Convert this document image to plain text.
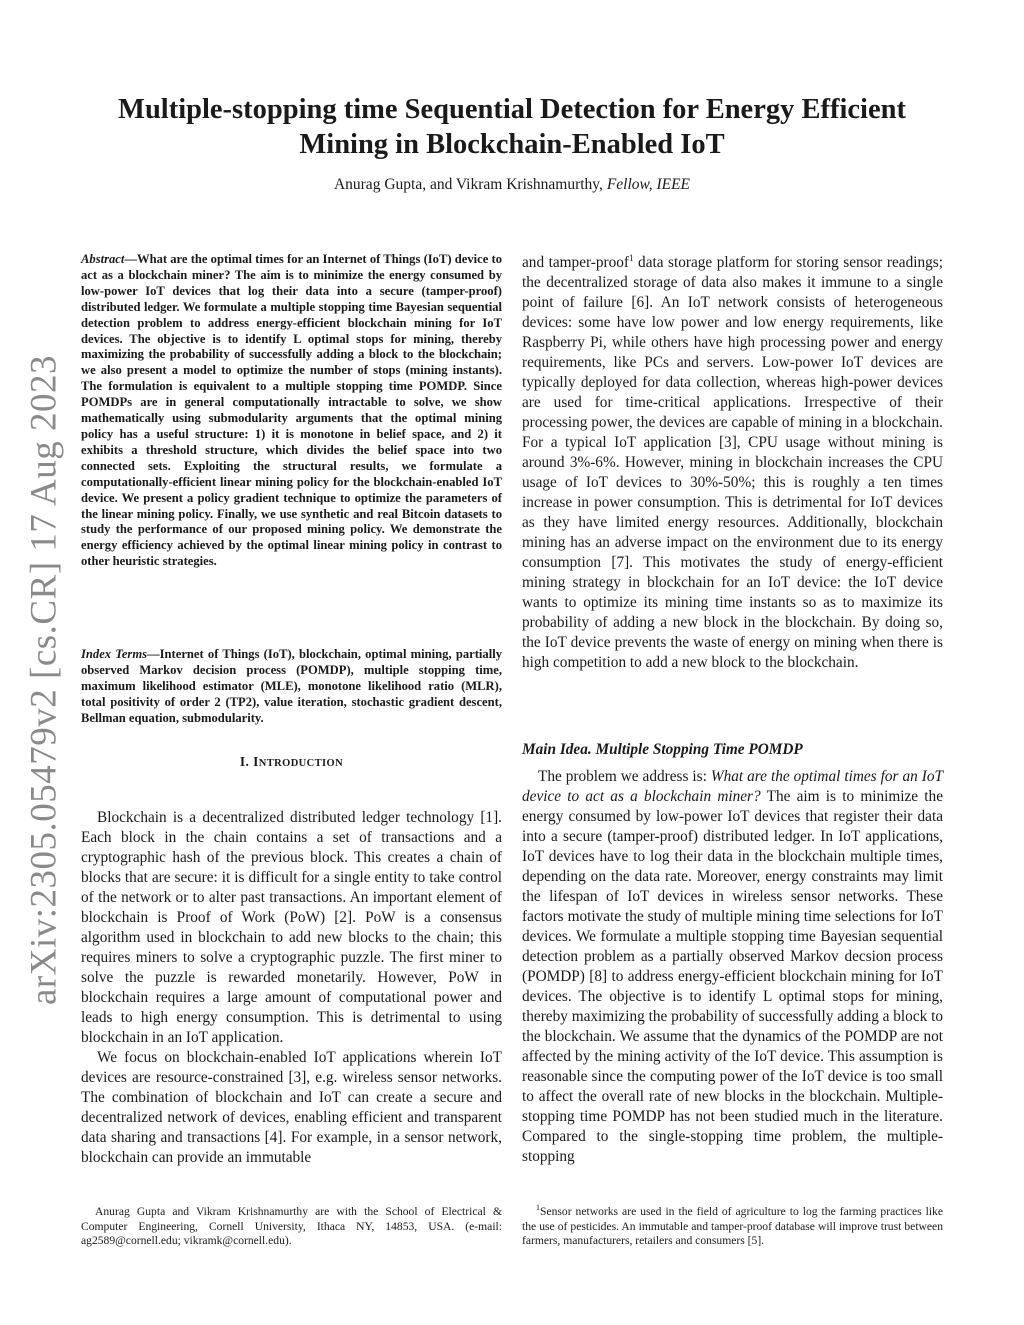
arXiv:2305.05479v2 [cs.CR] 17 Aug 2023
Multiple-stopping time Sequential Detection for Energy Efficient
Mining in Blockchain-Enabled IoT
Anurag Gupta, and Vikram Krishnamurthy, Fellow, IEEE

Abstract—What are the optimal times for an Internet of Things (IoT) device to act as a blockchain miner? The aim is to minimize the energy consumed by low-power IoT devices that log their data into a secure (tamper-proof) distributed ledger. We formulate a multiple stopping time Bayesian sequential detection problem to address energy-efficient blockchain mining for IoT devices. The objective is to identify L optimal stops for mining, thereby maximizing the probability of successfully adding a block to the blockchain; we also present a model to optimize the number of stops (mining instants). The formulation is equivalent to a multiple stopping time POMDP. Since POMDPs are in general computationally intractable to solve, we show mathematically using submodularity arguments that the optimal mining policy has a useful structure: 1) it is monotone in belief space, and 2) it exhibits a threshold structure, which divides the belief space into two connected sets. Exploiting the structural results, we formulate a computationally-efficient linear mining policy for the blockchain-enabled IoT device. We present a policy gradient technique to optimize the parameters of the linear mining policy. Finally, we use synthetic and real Bitcoin datasets to study the performance of our proposed mining policy. We demonstrate the energy efficiency achieved by the optimal linear mining policy in contrast to other heuristic strategies.

Index Terms—Internet of Things (IoT), blockchain, optimal mining, partially observed Markov decision process (POMDP), multiple stopping time, maximum likelihood estimator (MLE), monotone likelihood ratio (MLR), total positivity of order 2 (TP2), value iteration, stochastic gradient descent, Bellman equation, submodularity.

I. INTRODUCTION

Blockchain is a decentralized distributed ledger technology [1]. Each block in the chain contains a set of transactions and a cryptographic hash of the previous block. This creates a chain of blocks that are secure: it is difficult for a single entity to take control of the network or to alter past transactions. An important element of blockchain is Proof of Work (PoW) [2]. PoW is a consensus algorithm used in blockchain to add new blocks to the chain; this requires miners to solve a cryptographic puzzle. The first miner to solve the puzzle is rewarded monetarily. However, PoW in blockchain requires a large amount of computational power and leads to high energy consumption. This is detrimental to using blockchain in an IoT application.

We focus on blockchain-enabled IoT applications wherein IoT devices are resource-constrained [3], e.g. wireless sensor networks. The combination of blockchain and IoT can create a secure and decentralized network of devices, enabling efficient and transparent data sharing and transactions [4]. For example, in a sensor network, blockchain can provide an immutable

and tamper-proof$^1$ data storage platform for storing sensor readings; the decentralized storage of data also makes it immune to a single point of failure [6]. An IoT network consists of heterogeneous devices: some have low power and low energy requirements, like Raspberry Pi, while others have high processing power and energy requirements, like PCs and servers. Low-power IoT devices are typically deployed for data collection, whereas high-power devices are used for time-critical applications. Irrespective of their processing power, the devices are capable of mining in a blockchain. For a typical IoT application [3], CPU usage without mining is around 3%-6%. However, mining in blockchain increases the CPU usage of IoT devices to 30%-50%; this is roughly a ten times increase in power consumption. This is detrimental for IoT devices as they have limited energy resources. Additionally, blockchain mining has an adverse impact on the environment due to its energy consumption [7]. This motivates the study of energy-efficient mining strategy in blockchain for an IoT device: the IoT device wants to optimize its mining time instants so as to maximize its probability of adding a new block in the blockchain. By doing so, the IoT device prevents the waste of energy on mining when there is high competition to add a new block to the blockchain.

Main Idea. Multiple Stopping Time POMDP

The problem we address is: What are the optimal times for an IoT device to act as a blockchain miner? The aim is to minimize the energy consumed by low-power IoT devices that register their data into a secure (tamper-proof) distributed ledger. In IoT applications, IoT devices have to log their data in the blockchain multiple times, depending on the data rate. Moreover, energy constraints may limit the lifespan of IoT devices in wireless sensor networks. These factors motivate the study of multiple mining time selections for IoT devices. We formulate a multiple stopping time Bayesian sequential detection problem as a partially observed Markov decsion process (POMDP) [8] to address energy-efficient blockchain mining for IoT devices. The objective is to identify L optimal stops for mining, thereby maximizing the probability of successfully adding a block to the blockchain. We assume that the dynamics of the POMDP are not affected by the mining activity of the IoT device. This assumption is reasonable since the computing power of the IoT device is too small to affect the overall rate of new blocks in the blockchain. Multiple-stopping time POMDP has not been studied much in the literature. Compared to the single-stopping time problem, the multiple-stopping

Anurag Gupta and Vikram Krishnamurthy are with the School of Electrical & Computer Engineering, Cornell University, Ithaca NY, 14853, USA. (e-mail: ag2589@cornell.edu; vikramk@cornell.edu).

$^1$Sensor networks are used in the field of agriculture to log the farming practices like the use of pesticides. An immutable and tamper-proof database will improve trust between farmers, manufacturers, retailers and consumers [5].
